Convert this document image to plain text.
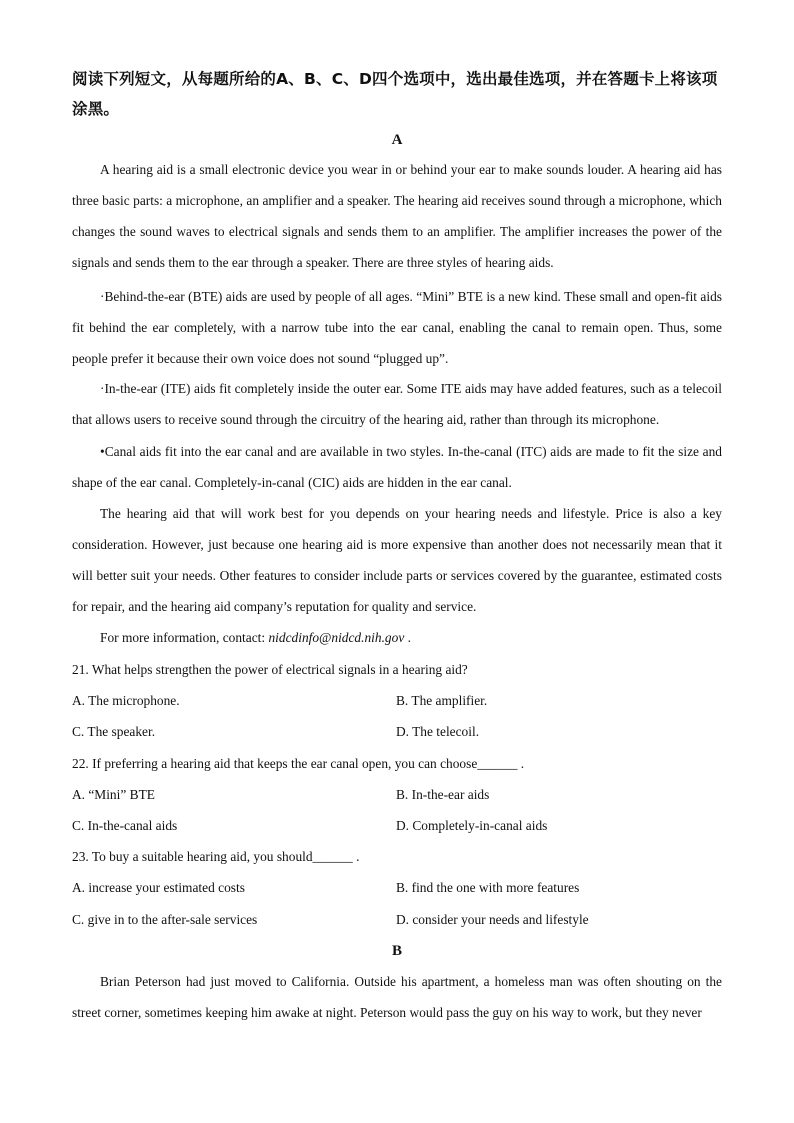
阅读下列短文，从每题所给的A、B、C、D四个选项中，选出最佳选项，并在答题卡上将该项涂黑。
A
A hearing aid is a small electronic device you wear in or behind your ear to make sounds louder. A hearing aid has three basic parts: a microphone, an amplifier and a speaker. The hearing aid receives sound through a microphone, which changes the sound waves to electrical signals and sends them to an amplifier. The amplifier increases the power of the signals and sends them to the ear through a speaker. There are three styles of hearing aids.
·Behind-the-ear (BTE) aids are used by people of all ages. “Mini” BTE is a new kind. These small and open-fit aids fit behind the ear completely, with a narrow tube into the ear canal, enabling the canal to remain open. Thus, some people prefer it because their own voice does not sound “plugged up”.
·In-the-ear (ITE) aids fit completely inside the outer ear. Some ITE aids may have added features, such as a telecoil that allows users to receive sound through the circuitry of the hearing aid, rather than through its microphone.
•Canal aids fit into the ear canal and are available in two styles. In-the-canal (ITC) aids are made to fit the size and shape of the ear canal. Completely-in-canal (CIC) aids are hidden in the ear canal.
The hearing aid that will work best for you depends on your hearing needs and lifestyle. Price is also a key consideration. However, just because one hearing aid is more expensive than another does not necessarily mean that it will better suit your needs. Other features to consider include parts or services covered by the guarantee, estimated costs for repair, and the hearing aid company’s reputation for quality and service.
For more information, contact: nidcdinfo@nidcd.nih.gov .
21. What helps strengthen the power of electrical signals in a hearing aid?
A. The microphone.	B. The amplifier.
C. The speaker.	D. The telecoil.
22. If preferring a hearing aid that keeps the ear canal open, you can choose______ .
A. “Mini” BTE	B. In-the-ear aids
C. In-the-canal aids	D. Completely-in-canal aids
23. To buy a suitable hearing aid, you should______ .
A. increase your estimated costs	B. find the one with more features
C. give in to the after-sale services	D. consider your needs and lifestyle
B
Brian Peterson had just moved to California. Outside his apartment, a homeless man was often shouting on the street corner, sometimes keeping him awake at night. Peterson would pass the guy on his way to work, but they never
